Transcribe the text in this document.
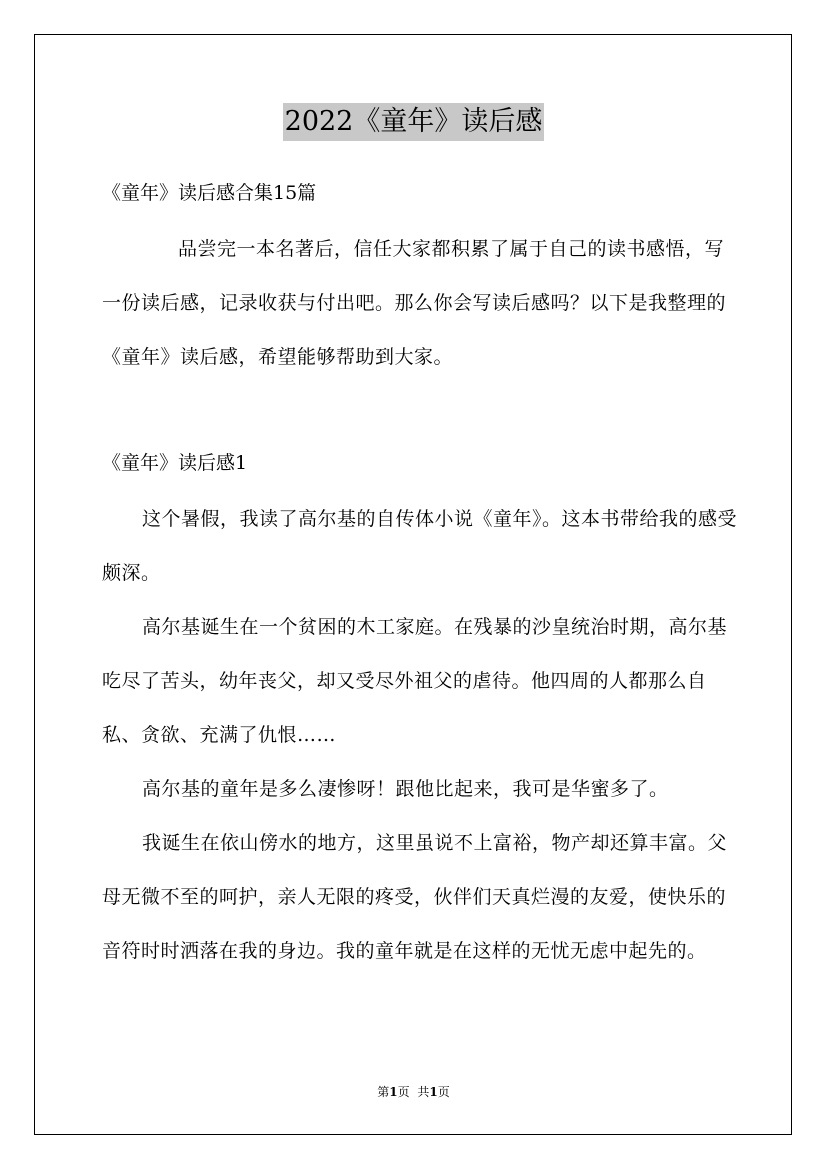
2022《童年》读后感
《童年》读后感合集15篇

品尝完一本名著后，信任大家都积累了属于自己的读书感悟，写一份读后感，记录收获与付出吧。那么你会写读后感吗？以下是我整理的《童年》读后感，希望能够帮助到大家。

《童年》读后感1

这个暑假，我读了高尔基的自传体小说《童年》。这本书带给我的感受颇深。

高尔基诞生在一个贫困的木工家庭。在残暴的沙皇统治时期，高尔基吃尽了苦头，幼年丧父，却又受尽外祖父的虐待。他四周的人都那么自私、贪欲、充满了仇恨……

高尔基的童年是多么凄惨呀！跟他比起来，我可是华蜜多了。

我诞生在依山傍水的地方，这里虽说不上富裕，物产却还算丰富。父母无微不至的呵护，亲人无限的疼受，伙伴们天真烂漫的友爱，使快乐的音符时时洒落在我的身边。我的童年就是在这样的无忧无虑中起先的。

第1页 共1页
